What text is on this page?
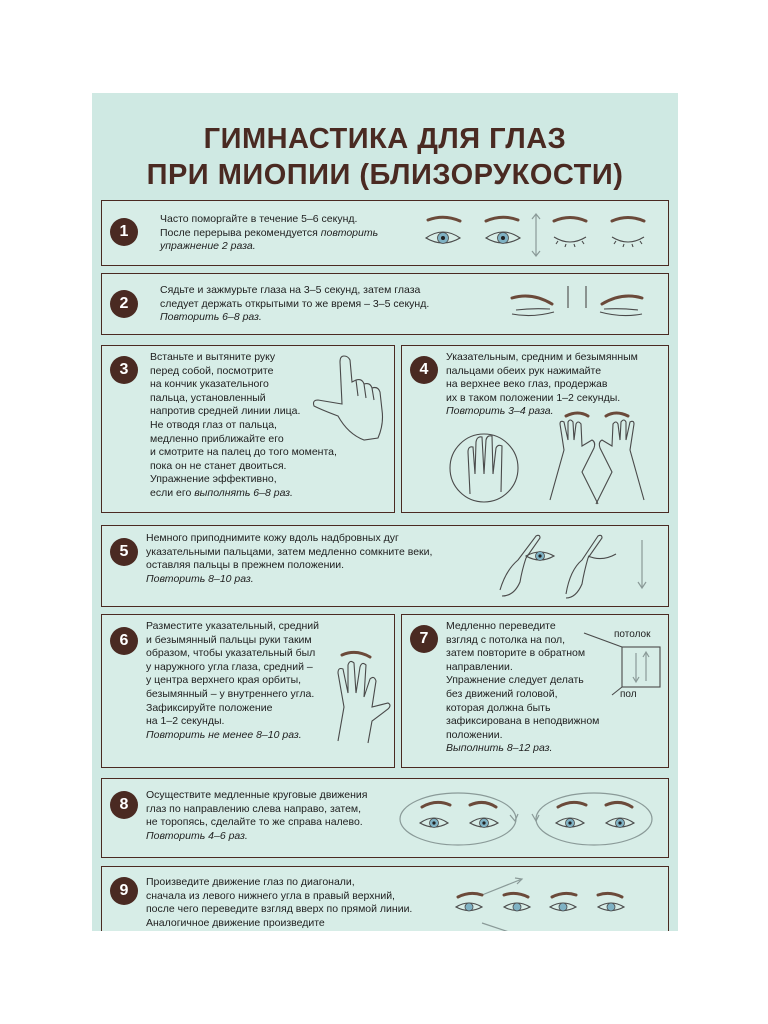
ГИМНАСТИКА ДЛЯ ГЛАЗ
ПРИ МИОПИИ (БЛИЗОРУКОСТИ)
1

Часто поморгайте в течение 5–6 секунд.
После перерыва рекомендуется повторить
упражнение 2 раза.

2

Сядьте и зажмурьте глаза на 3–5 секунд, затем глаза
следует держать открытыми то же время – 3–5 секунд.
Повторить 6–8 раз.

3

Встаньте и вытяните руку
перед собой, посмотрите
на кончик указательного
пальца, установленный
напротив средней линии лица.
Не отводя глаз от пальца,
медленно приближайте его
и смотрите на палец до того момента,
пока он не станет двоиться.
Упражнение эффективно,
если его выполнять 6–8 раз.

4

Указательным, средним и безымянным
пальцами обеих рук нажимайте
на верхнее веко глаз, продержав
их в таком положении 1–2 секунды.
Повторить 3–4 раза.

5

Немного приподнимите кожу вдоль надбровных дуг
указательными пальцами, затем медленно сомкните веки,
оставляя пальцы в прежнем положении.
Повторить 8–10 раз.

6

Разместите указательный, средний
и безымянный пальцы руки таким
образом, чтобы указательный был
у наружного угла глаза, средний –
у центра верхнего края орбиты,
безымянный – у внутреннего угла.
Зафиксируйте положение
на 1–2 секунды.
Повторить не менее 8–10 раз.

7

Медленно переведите
взгляд с потолка на пол,
затем повторите в обратном
направлении.
Упражнение следует делать
без движений головой,
которая должна быть
зафиксирована в неподвижном
положении.
Выполнить 8–12 раз.

потолок
пол
8

Осуществите медленные круговые движения
глаз по направлению слева направо, затем,
не торопясь, сделайте то же справа налево.
Повторить 4–6 раз.

9	Произведите движение глаз по диагонали,
сначала из левого нижнего угла в правый верхний,
после чего переведите взгляд вверх по прямой линии.
Аналогичное движение произведите
